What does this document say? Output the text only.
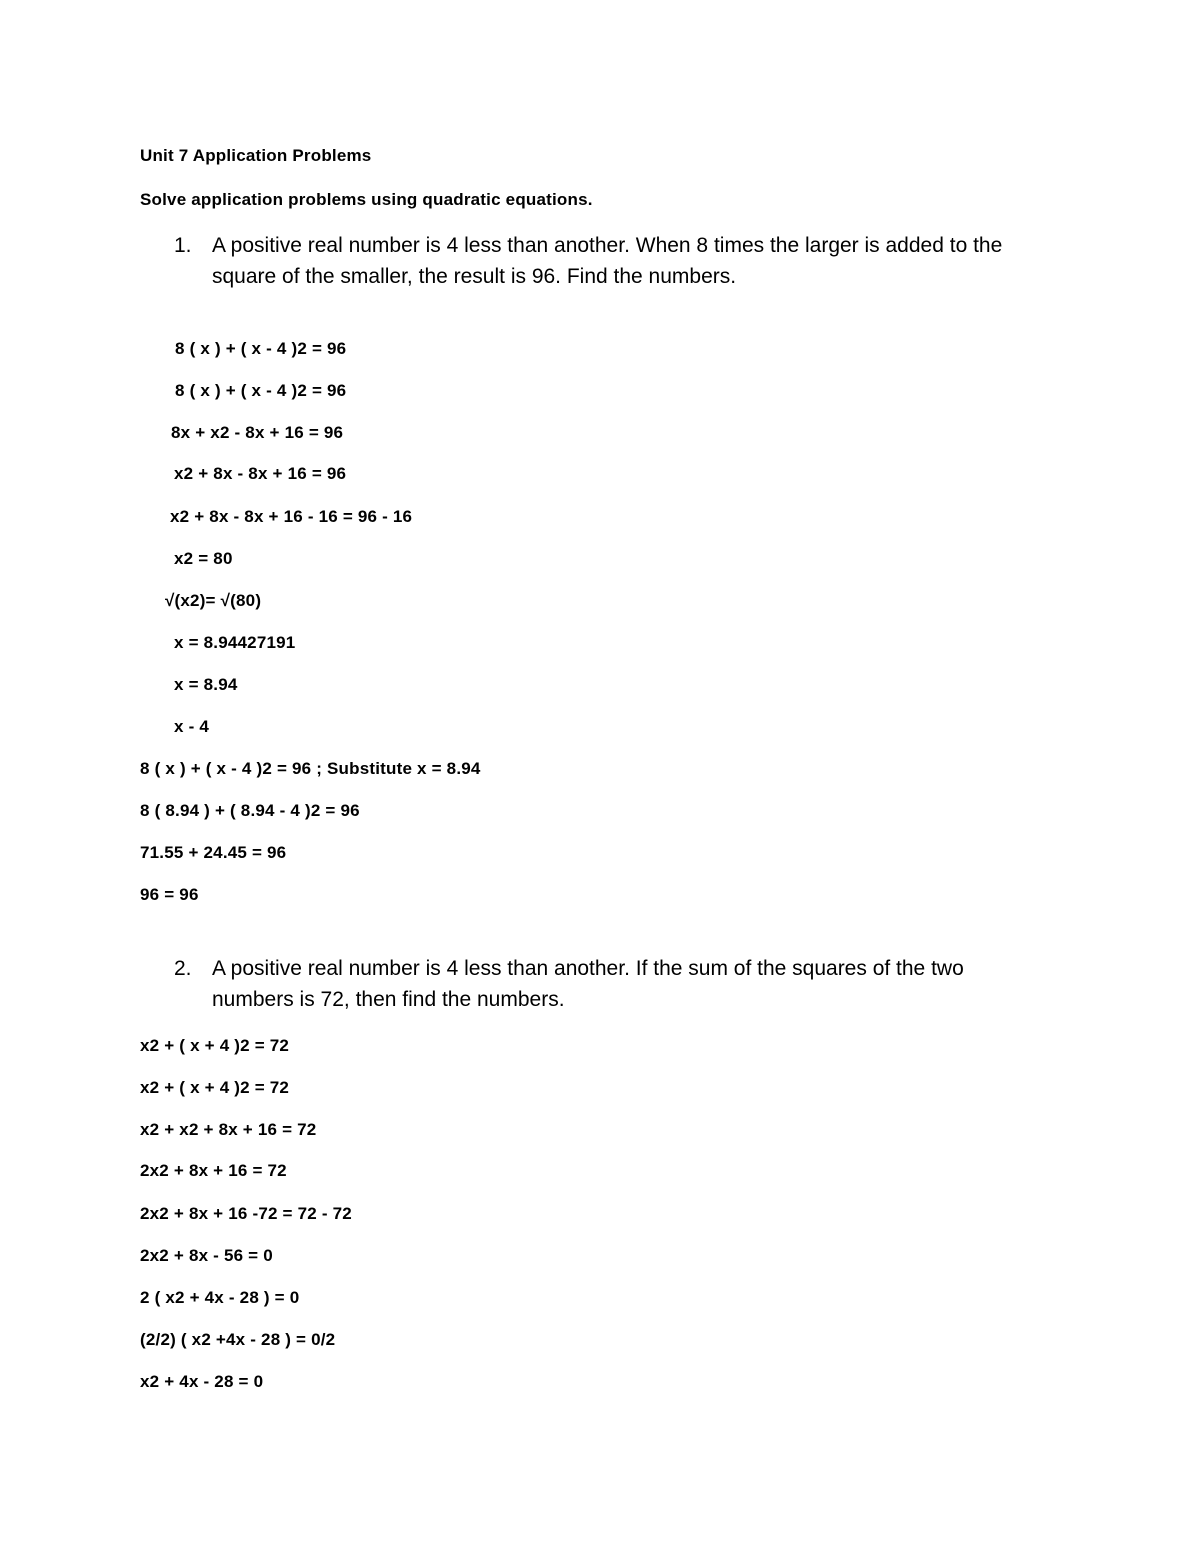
Unit 7 Application Problems
Solve application problems using quadratic equations.
1. A positive real number is 4 less than another. When 8 times the larger is added to the
square of the smaller, the result is 96. Find the numbers.
8 ( x ) + ( x - 4 )2 = 96
8 ( x ) + ( x - 4 )2 = 96
8x + x2 - 8x + 16 = 96
x2 + 8x - 8x + 16 = 96
x2 + 8x - 8x + 16 - 16 = 96 - 16
x2 = 80
√(x2)= √(80)
x = 8.94427191
x = 8.94
x - 4
8 ( x ) + ( x - 4 )2 = 96 ; Substitute x = 8.94
8 ( 8.94 ) + ( 8.94 - 4 )2 = 96
71.55 + 24.45 = 96
96 = 96
2. A positive real number is 4 less than another. If the sum of the squares of the two
numbers is 72, then find the numbers.
x2 + ( x + 4 )2 = 72
x2 + ( x + 4 )2 = 72
x2 + x2 + 8x + 16 = 72
2x2 + 8x + 16 = 72
2x2 + 8x + 16 -72 = 72 - 72
2x2 + 8x - 56 = 0
2 ( x2 + 4x - 28 ) = 0
(2/2) ( x2 +4x - 28 ) = 0/2
x2 + 4x - 28 = 0
